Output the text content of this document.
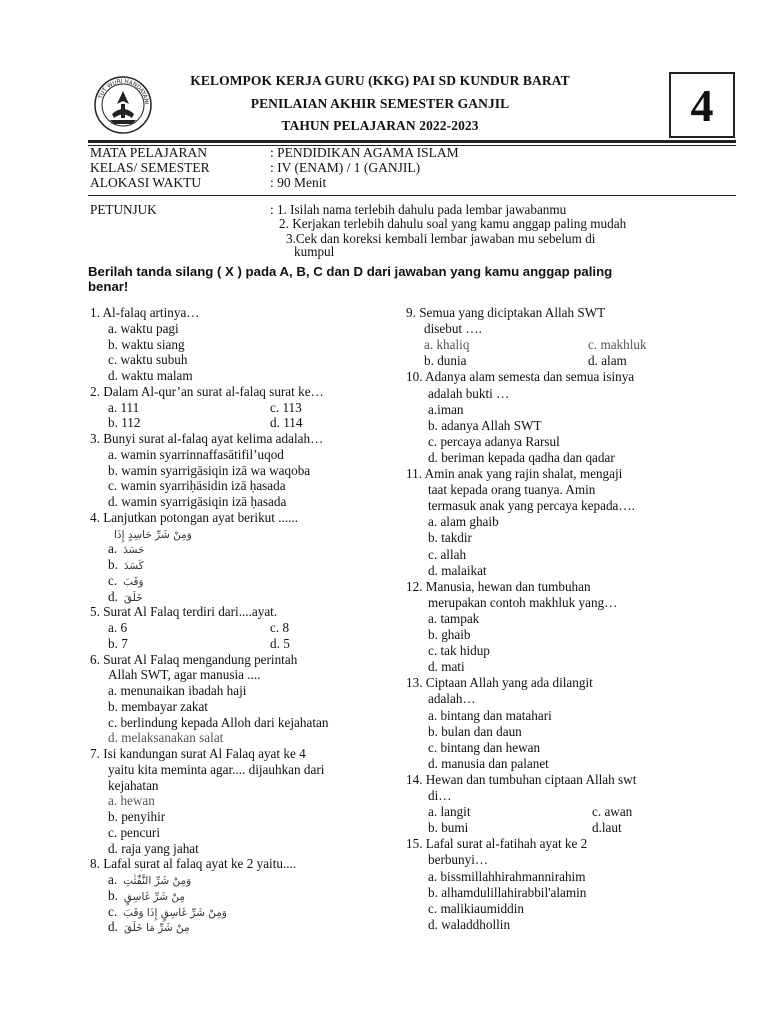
TUT WURI HANDAYANI
KELOMPOK KERJA GURU (KKG) PAI SD KUNDUR BARAT
PENILAIAN AKHIR SEMESTER GANJIL
TAHUN PELAJARAN 2022-2023	4
MATA PELAJARAN	: PENDIDIKAN AGAMA ISLAM
KELAS/ SEMESTER	: IV (ENAM) / 1 (GANJIL)
ALOKASI WAKTU	: 90 Menit
PETUNJUK	: 1. Isilah nama terlebih dahulu pada lembar jawabanmu
2. Kerjakan terlebih dahulu soal yang kamu anggap paling mudah
3.Cek dan koreksi kembali lembar jawaban mu sebelum di
kumpul
Berilah tanda silang ( X ) pada A, B, C dan D dari jawaban yang kamu anggap paling
benar!
1. Al-falaq artinya…
a. waktu pagi
b. waktu siang
c. waktu subuh
d. waktu malam
2. Dalam Al-qur’an surat al-falaq surat ke…
a. 111	c. 113
b. 112	d. 114
3. Bunyi surat al-falaq ayat kelima adalah…
a. wamin syarrinnaffasātifil’uqod
b. wamin syarrigāsiqin izā wa waqoba
c. wamin syarriḥāsidin izā ḥasada
d. wamin syarrigāsiqin izā ḥasada
4. Lanjutkan potongan ayat berikut ......
وَمِنْ شَرِّ حَاسِدٍ إِذَا
a. حَسَدَ
b. كَسَدَ
c. وَقَبَ
d. خَلَقَ
5. Surat Al Falaq terdiri dari....ayat.
a. 6	c. 8
b. 7	d. 5
6. Surat Al Falaq mengandung perintah
Allah SWT, agar manusia ....
a. menunaikan ibadah haji
b. membayar zakat
c. berlindung kepada Alloh dari kejahatan
d. melaksanakan salat
7. Isi kandungan surat Al Falaq ayat ke 4
yaitu kita meminta agar.... dijauhkan dari
kejahatan
a. hewan
b. penyihir
c. pencuri
d. raja yang jahat
8. Lafal surat al falaq ayat ke 2 yaitu....
a. وَمِنْ شَرِّ النَّفّٰثٰتِ
b. مِنْ شَرِّ غَاسِقٍ
c. وَمِنْ شَرِّ غَاسِقٍ إِذَا وَقَبَ
d. مِنْ شَرِّ مَا خَلَقَ
9. Semua yang diciptakan Allah SWT
disebut ….
a. khaliq	c. makhluk
b. dunia	d. alam
10. Adanya alam semesta dan semua isinya
adalah bukti …
a.iman
b. adanya Allah SWT
c. percaya adanya Rarsul
d. beriman kepada qadha dan qadar
11. Amin anak yang rajin shalat, mengaji
taat kepada orang tuanya. Amin
termasuk anak yang percaya kepada….
a. alam ghaib
b. takdir
c. allah
d. malaikat
12. Manusia, hewan dan tumbuhan
merupakan contoh makhluk yang…
a. tampak
b. ghaib
c. tak hidup
d. mati
13. Ciptaan Allah yang ada dilangit
adalah…
a. bintang dan matahari
b. bulan dan daun
c. bintang dan hewan
d. manusia dan palanet
14. Hewan dan tumbuhan ciptaan Allah swt
di…
a. langit	c. awan
b. bumi	d.laut
15. Lafal surat al-fatihah ayat ke 2
berbunyi…
a. bissmillahhirahmannirahim
b. alhamdulillahirabbil'alamin
c. malikiaumiddin
d. waladdhollin
